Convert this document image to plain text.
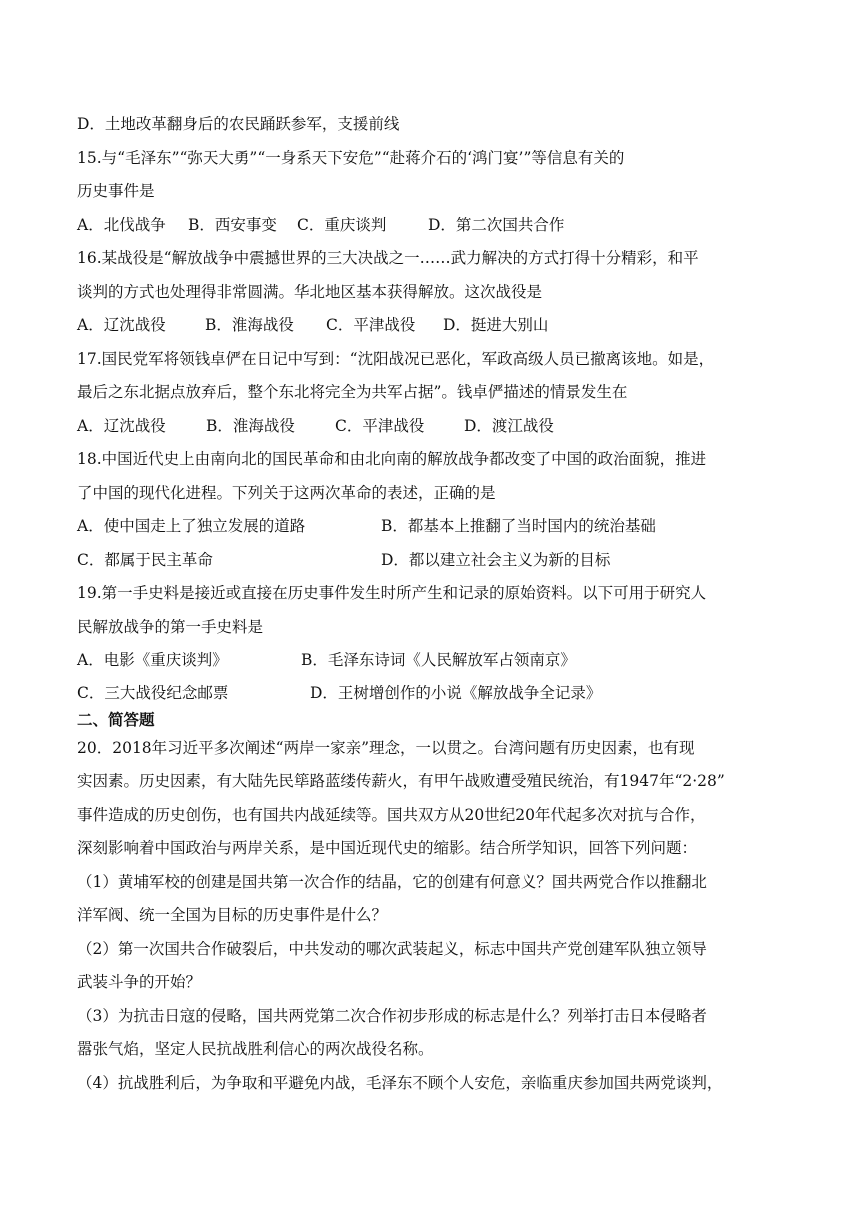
D．土地改革翻身后的农民踊跃参军，支援前线
15.与“毛泽东”“弥天大勇”“一身系天下安危”“赴蒋介石的‘鸿门宴’”等信息有关的
历史事件是
A．北伐战争	B．西安事变	C．重庆谈判	D．第二次国共合作
16.某战役是“解放战争中震撼世界的三大决战之一……武力解决的方式打得十分精彩，和平
谈判的方式也处理得非常圆满。华北地区基本获得解放。这次战役是
A．辽沈战役	B．淮海战役	C．平津战役	D．挺进大别山
17.国民党军将领钱卓俨在日记中写到：“沈阳战况已恶化，军政高级人员已撤离该地。如是，
最后之东北据点放弃后，整个东北将完全为共军占据”。钱卓俨描述的情景发生在
A．辽沈战役	B．淮海战役	C．平津战役	D．渡江战役
18.中国近代史上由南向北的国民革命和由北向南的解放战争都改变了中国的政治面貌，推进
了中国的现代化进程。下列关于这两次革命的表述，正确的是
A．使中国走上了独立发展的道路	B．都基本上推翻了当时国内的统治基础
C．都属于民主革命	D．都以建立社会主义为新的目标
19.第一手史料是接近或直接在历史事件发生时所产生和记录的原始资料。以下可用于研究人
民解放战争的第一手史料是
A．电影《重庆谈判》	B．毛泽东诗词《人民解放军占领南京》
C．三大战役纪念邮票	D．王树增创作的小说《解放战争全记录》
二、简答题
20．2018年习近平多次阐述“两岸一家亲”理念，一以贯之。台湾问题有历史因素，也有现
实因素。历史因素，有大陆先民筚路蓝缕传薪火，有甲午战败遭受殖民统治，有1947年“2·28”
事件造成的历史创伤，也有国共内战延续等。国共双方从20世纪20年代起多次对抗与合作，
深刻影响着中国政治与两岸关系，是中国近现代史的缩影。结合所学知识，回答下列问题：
（1）黄埔军校的创建是国共第一次合作的结晶，它的创建有何意义？国共两党合作以推翻北
洋军阀、统一全国为目标的历史事件是什么？
（2）第一次国共合作破裂后，中共发动的哪次武装起义，标志中国共产党创建军队独立领导
武装斗争的开始？
（3）为抗击日寇的侵略，国共两党第二次合作初步形成的标志是什么？列举打击日本侵略者
嚣张气焰，坚定人民抗战胜利信心的两次战役名称。
（4）抗战胜利后，为争取和平避免内战，毛泽东不顾个人安危，亲临重庆参加国共两党谈判，
